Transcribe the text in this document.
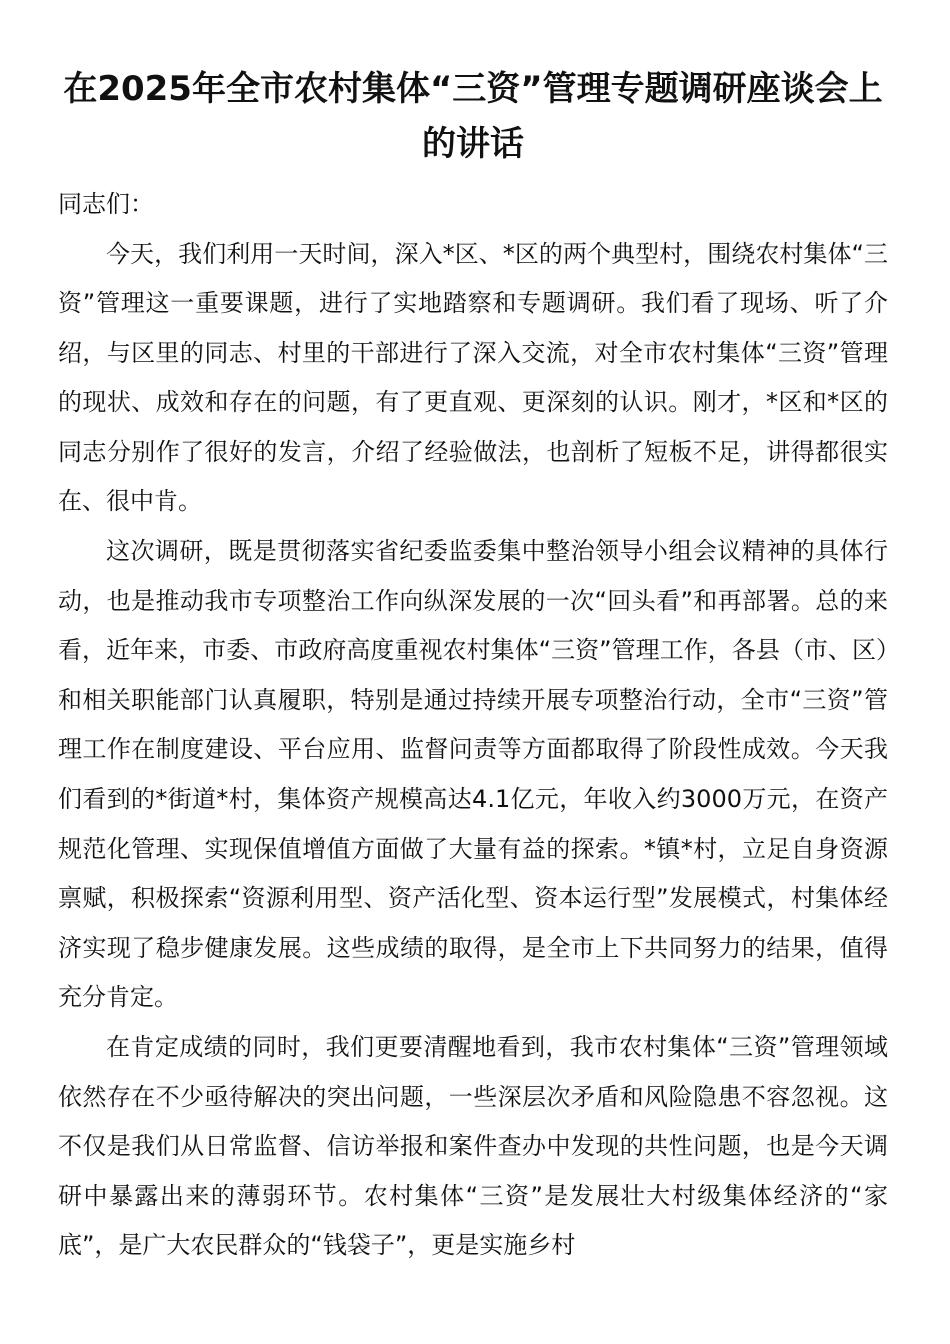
在2025年全市农村集体“三资”管理专题调研座谈会上的讲话

同志们：

今天，我们利用一天时间，深入*区、*区的两个典型村，围绕农村集体“三资”管理这一重要课题，进行了实地踏察和专题调研。我们看了现场、听了介绍，与区里的同志、村里的干部进行了深入交流，对全市农村集体“三资”管理的现状、成效和存在的问题，有了更直观、更深刻的认识。刚才，*区和*区的同志分别作了很好的发言，介绍了经验做法，也剖析了短板不足，讲得都很实在、很中肯。

这次调研，既是贯彻落实省纪委监委集中整治领导小组会议精神的具体行动，也是推动我市专项整治工作向纵深发展的一次“回头看”和再部署。总的来看，近年来，市委、市政府高度重视农村集体“三资”管理工作，各县（市、区）和相关职能部门认真履职，特别是通过持续开展专项整治行动，全市“三资”管理工作在制度建设、平台应用、监督问责等方面都取得了阶段性成效。今天我们看到的*街道*村，集体资产规模高达4.1亿元，年收入约3000万元，在资产规范化管理、实现保值增值方面做了大量有益的探索。*镇*村，立足自身资源禀赋，积极探索“资源利用型、资产活化型、资本运行型”发展模式，村集体经济实现了稳步健康发展。这些成绩的取得，是全市上下共同努力的结果，值得充分肯定。

在肯定成绩的同时，我们更要清醒地看到，我市农村集体“三资”管理领域依然存在不少亟待解决的突出问题，一些深层次矛盾和风险隐患不容忽视。这不仅是我们从日常监督、信访举报和案件查办中发现的共性问题，也是今天调研中暴露出来的薄弱环节。农村集体“三资”是发展壮大村级集体经济的“家底”，是广大农民群众的“钱袋子”，更是实施乡村
